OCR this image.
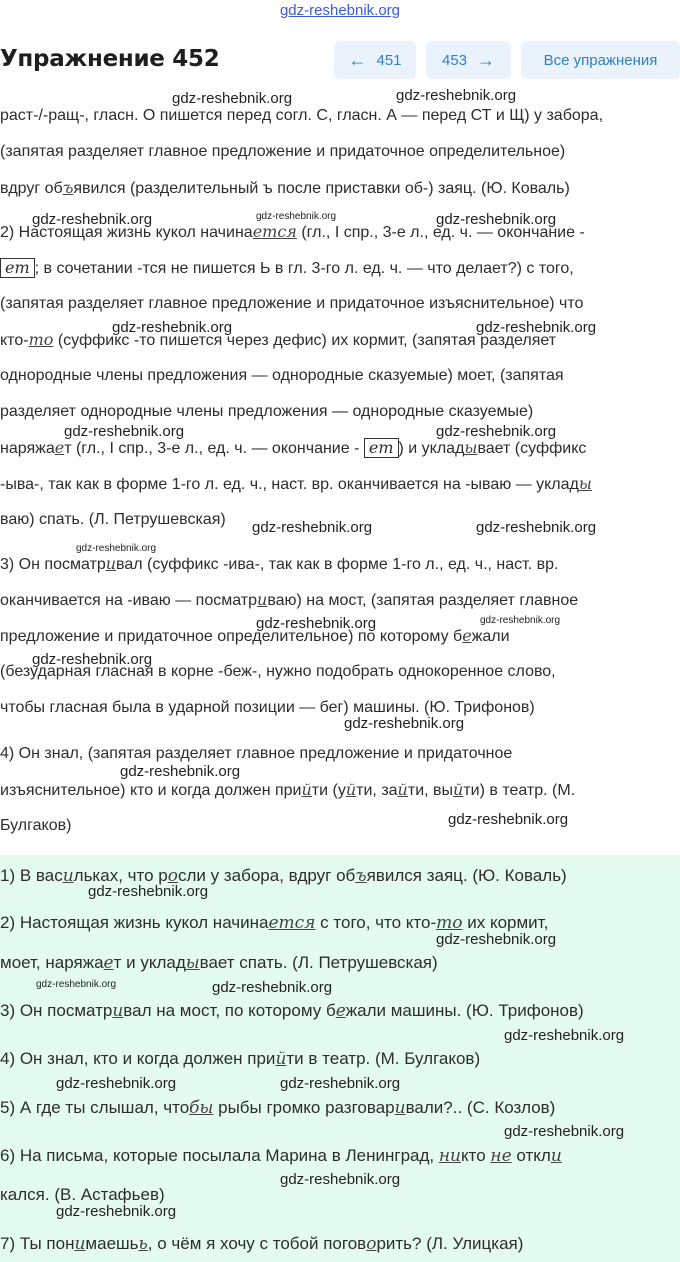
gdz-reshebnik.org
Упражнение 452	← 451	453 →	Все упражнения
раст-/-ращ-, гласн. О пишется перед согл. С, гласн. А — перед СТ и Щ) у забора,
(запятая разделяет главное предложение и придаточное определительное)
вдруг объявился (разделительный ъ после приставки об-) заяц. (Ю. Коваль)
2) Настоящая жизнь кукол начинается (гл., I спр., 3-е л., ед. ч. — окончание -
ет ; в сочетании -тся не пишется Ь в гл. 3-го л. ед. ч. — что делает?) с того,
(запятая разделяет главное предложение и придаточное изъяснительное) что
кто-то (суффикс -то пишется через дефис) их кормит, (запятая разделяет
однородные члены предложения — однородные сказуемые) моет, (запятая
разделяет однородные члены предложения — однородные сказуемые)
наряжает (гл., I спр., 3-е л., ед. ч. — окончание - ет ) и укладывает (суффикс
-ыва-, так как в форме 1-го л. ед. ч., наст. вр. оканчивается на -ываю — уклады
ваю) спать. (Л. Петрушевская)
3) Он посматривал (суффикс -ива-, так как в форме 1-го л., ед. ч., наст. вр.
оканчивается на -иваю — посматриваю) на мост, (запятая разделяет главное
предложение и придаточное определительное) по которому бежали
(безударная гласная в корне -беж-, нужно подобрать однокоренное слово,
чтобы гласная была в ударной позиции — бег) машины. (Ю. Трифонов)
4) Он знал, (запятая разделяет главное предложение и придаточное
изъяснительное) кто и когда должен прийти (уйти, зайти, выйти) в театр. (М.
Булгаков)
1) В васильках, что росли у забора, вдруг объявился заяц. (Ю. Коваль)
2) Настоящая жизнь кукол начинается с того, что кто-то их кормит,
моет, наряжает и укладывает спать. (Л. Петрушевская)
3) Он посматривал на мост, по которому бежали машины. (Ю. Трифонов)
4) Он знал, кто и когда должен прийти в театр. (М. Булгаков)
5) А где ты слышал, чтобы рыбы громко разговаривали?.. (С. Козлов)
6) На письма, которые посылала Марина в Ленинград, никто не откли
кался. (В. Астафьев)
7) Ты понимаешьь, о чём я хочу с тобой поговорить? (Л. Улицкая)
gdz-reshebnik.org	gdz-reshebnik.org
gdz-reshebnik.org	gdz-reshebnik.org	gdz-reshebnik.org
gdz-reshebnik.org	gdz-reshebnik.org
gdz-reshebnik.org	gdz-reshebnik.org
gdz-reshebnik.org	gdz-reshebnik.org
gdz-reshebnik.org
gdz-reshebnik.org	gdz-reshebnik.org
gdz-reshebnik.org
gdz-reshebnik.org
gdz-reshebnik.org
gdz-reshebnik.org
gdz-reshebnik.org
gdz-reshebnik.org
gdz-reshebnik.org	gdz-reshebnik.org
gdz-reshebnik.org
gdz-reshebnik.org	gdz-reshebnik.org
gdz-reshebnik.org
gdz-reshebnik.org
gdz-reshebnik.org
